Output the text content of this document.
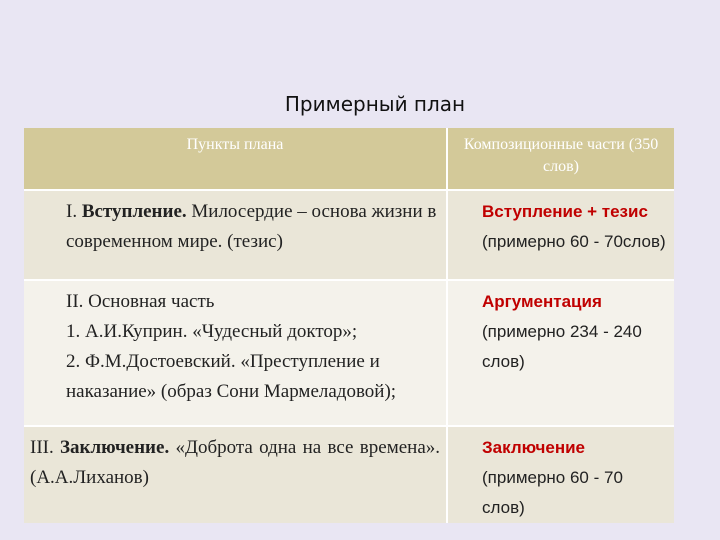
Примерный план
Пункты плана	Композиционные части (350 слов)

I. Вступление. Милосердие – основа жизни в современном мире. (тезис)	Вступление + тезис
(примерно 60 - 70слов)

II. Основная часть
1. А.И.Куприн. «Чудесный доктор»;
2. Ф.М.Достоевский. «Преступление и наказание» (образ Сони Мармеладовой);	Аргументация
(примерно 234 - 240 слов)
III. Заключение. «Доброта одна на все времена». (А.А.Лиханов)	Заключение
(примерно 60 - 70 слов)
